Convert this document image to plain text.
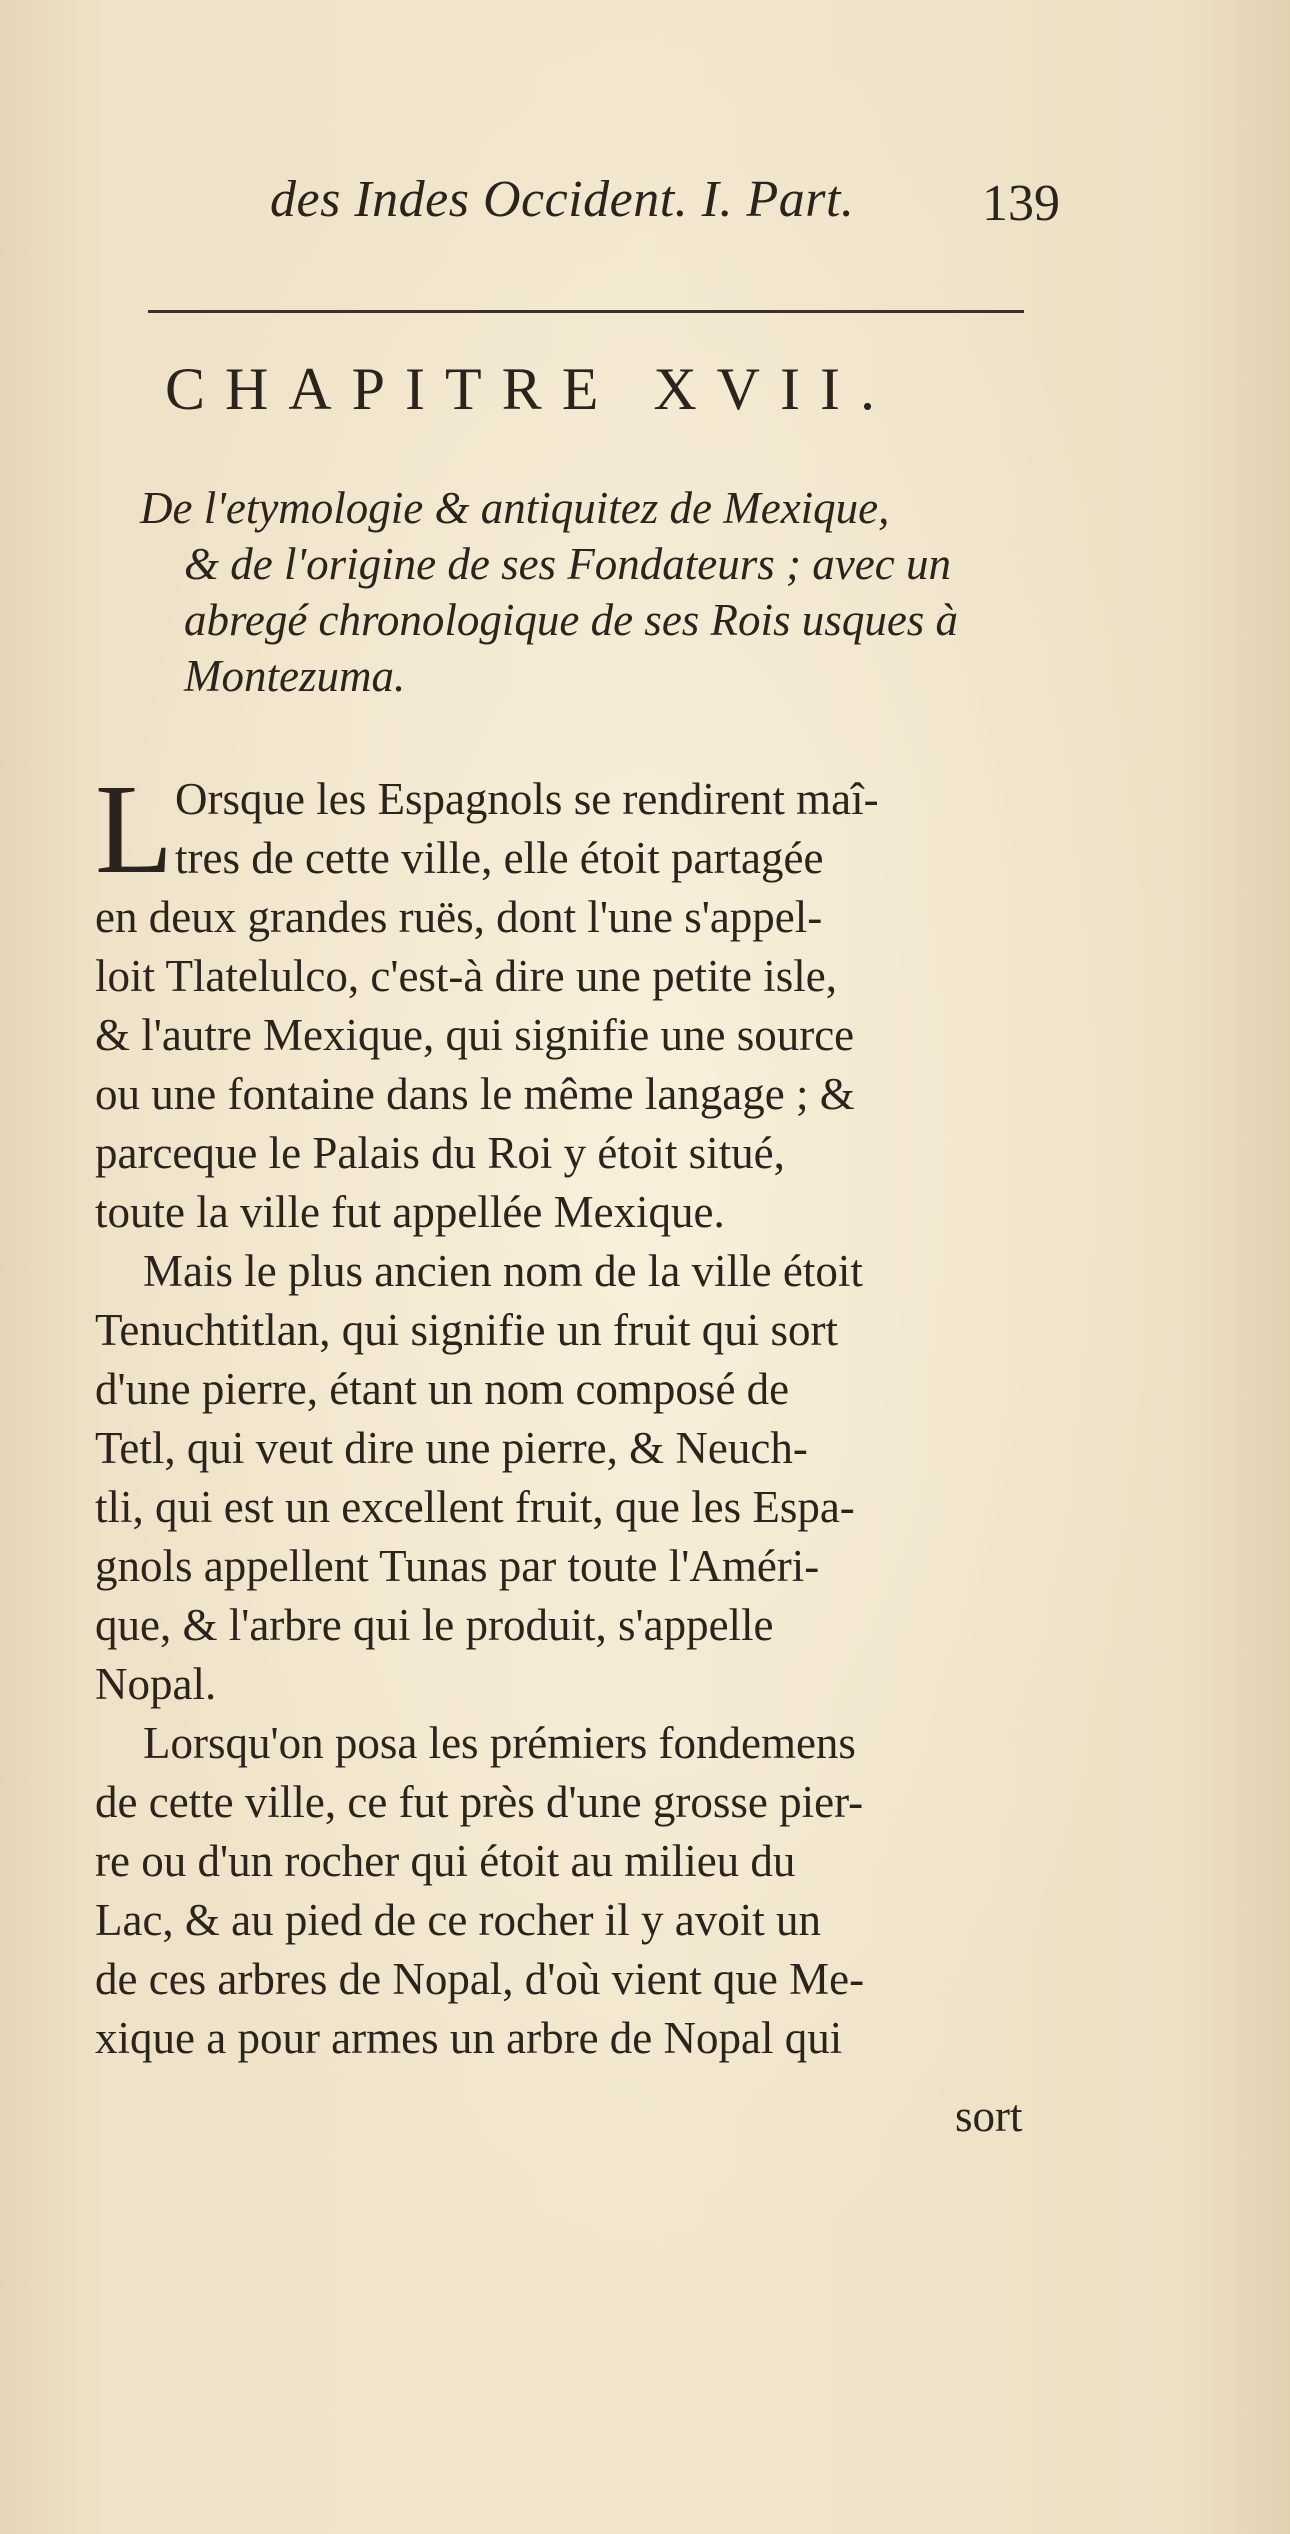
des Indes Occident. I. Part. 139
CHAPITRE XVII.
De l'etymologie & antiquitez de Mexique,
& de l'origine de ses Fondateurs ; avec un
abregé chronologique de ses Rois usques à
Montezuma.
L Orsque les Espagnols se rendirent maî-
tres de cette ville, elle étoit partagée
en deux grandes ruës, dont l'une s'appel-
loit Tlatelulco, c'est-à dire une petite isle,
& l'autre Mexique, qui signifie une source
ou une fontaine dans le même langage ; &
parceque le Palais du Roi y étoit situé,
toute la ville fut appellée Mexique.
Mais le plus ancien nom de la ville étoit
Tenuchtitlan, qui signifie un fruit qui sort
d'une pierre, étant un nom composé de
Tetl, qui veut dire une pierre, & Neuch-
tli, qui est un excellent fruit, que les Espa-
gnols appellent Tunas par toute l'Améri-
que, & l'arbre qui le produit, s'appelle
Nopal.
Lorsqu'on posa les prémiers fondemens
de cette ville, ce fut près d'une grosse pier-
re ou d'un rocher qui étoit au milieu du
Lac, & au pied de ce rocher il y avoit un
de ces arbres de Nopal, d'où vient que Me-
xique a pour armes un arbre de Nopal qui
sort
